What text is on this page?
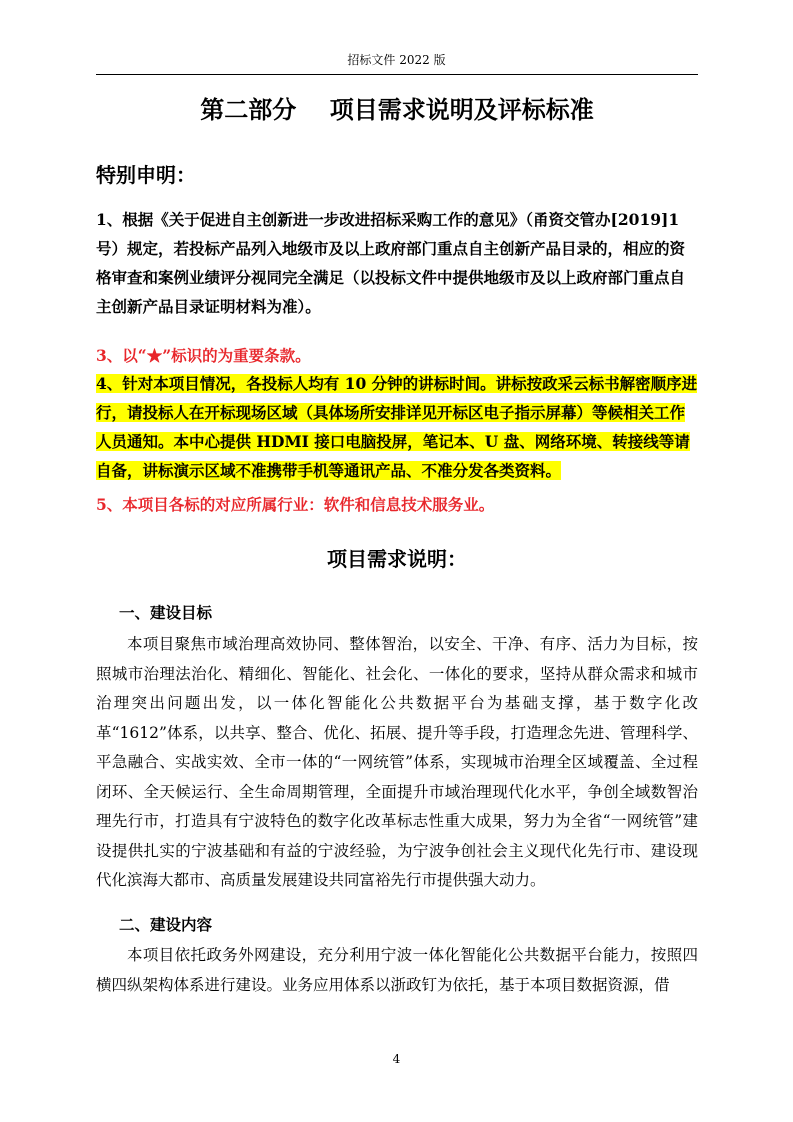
招标文件 2022 版
第二部分    项目需求说明及评标标准
特别申明：
1、根据《关于促进自主创新进一步改进招标采购工作的意见》（甬资交管办[2019]1 号）规定，若投标产品列入地级市及以上政府部门重点自主创新产品目录的，相应的资格审查和案例业绩评分视同完全满足（以投标文件中提供地级市及以上政府部门重点自主创新产品目录证明材料为准）。
3、以“★”标识的为重要条款。
4、针对本项目情况，各投标人均有 10 分钟的讲标时间。讲标按政采云标书解密顺序进行，请投标人在开标现场区域（具体场所安排详见开标区电子指示屏幕）等候相关工作人员通知。本中心提供 HDMI 接口电脑投屏，笔记本、U 盘、网络环境、转接线等请自备，讲标演示区域不准携带手机等通讯产品、不准分发各类资料。
5、本项目各标的对应所属行业：软件和信息技术服务业。
项目需求说明：
一、建设目标
本项目聚焦市域治理高效协同、整体智治，以安全、干净、有序、活力为目标，按照城市治理法治化、精细化、智能化、社会化、一体化的要求，坚持从群众需求和城市治理突出问题出发，以一体化智能化公共数据平台为基础支撑，基于数字化改革“1612”体系，以共享、整合、优化、拓展、提升等手段，打造理念先进、管理科学、平急融合、实战实效、全市一体的“一网统管”体系，实现城市治理全区域覆盖、全过程闭环、全天候运行、全生命周期管理，全面提升市域治理现代化水平，争创全域数智治理先行市，打造具有宁波特色的数字化改革标志性重大成果，努力为全省“一网统管”建设提供扎实的宁波基础和有益的宁波经验，为宁波争创社会主义现代化先行市、建设现代化滨海大都市、高质量发展建设共同富裕先行市提供强大动力。
二、建设内容
本项目依托政务外网建设，充分利用宁波一体化智能化公共数据平台能力，按照四横四纵架构体系进行建设。业务应用体系以浙政钉为依托，基于本项目数据资源，借
4
